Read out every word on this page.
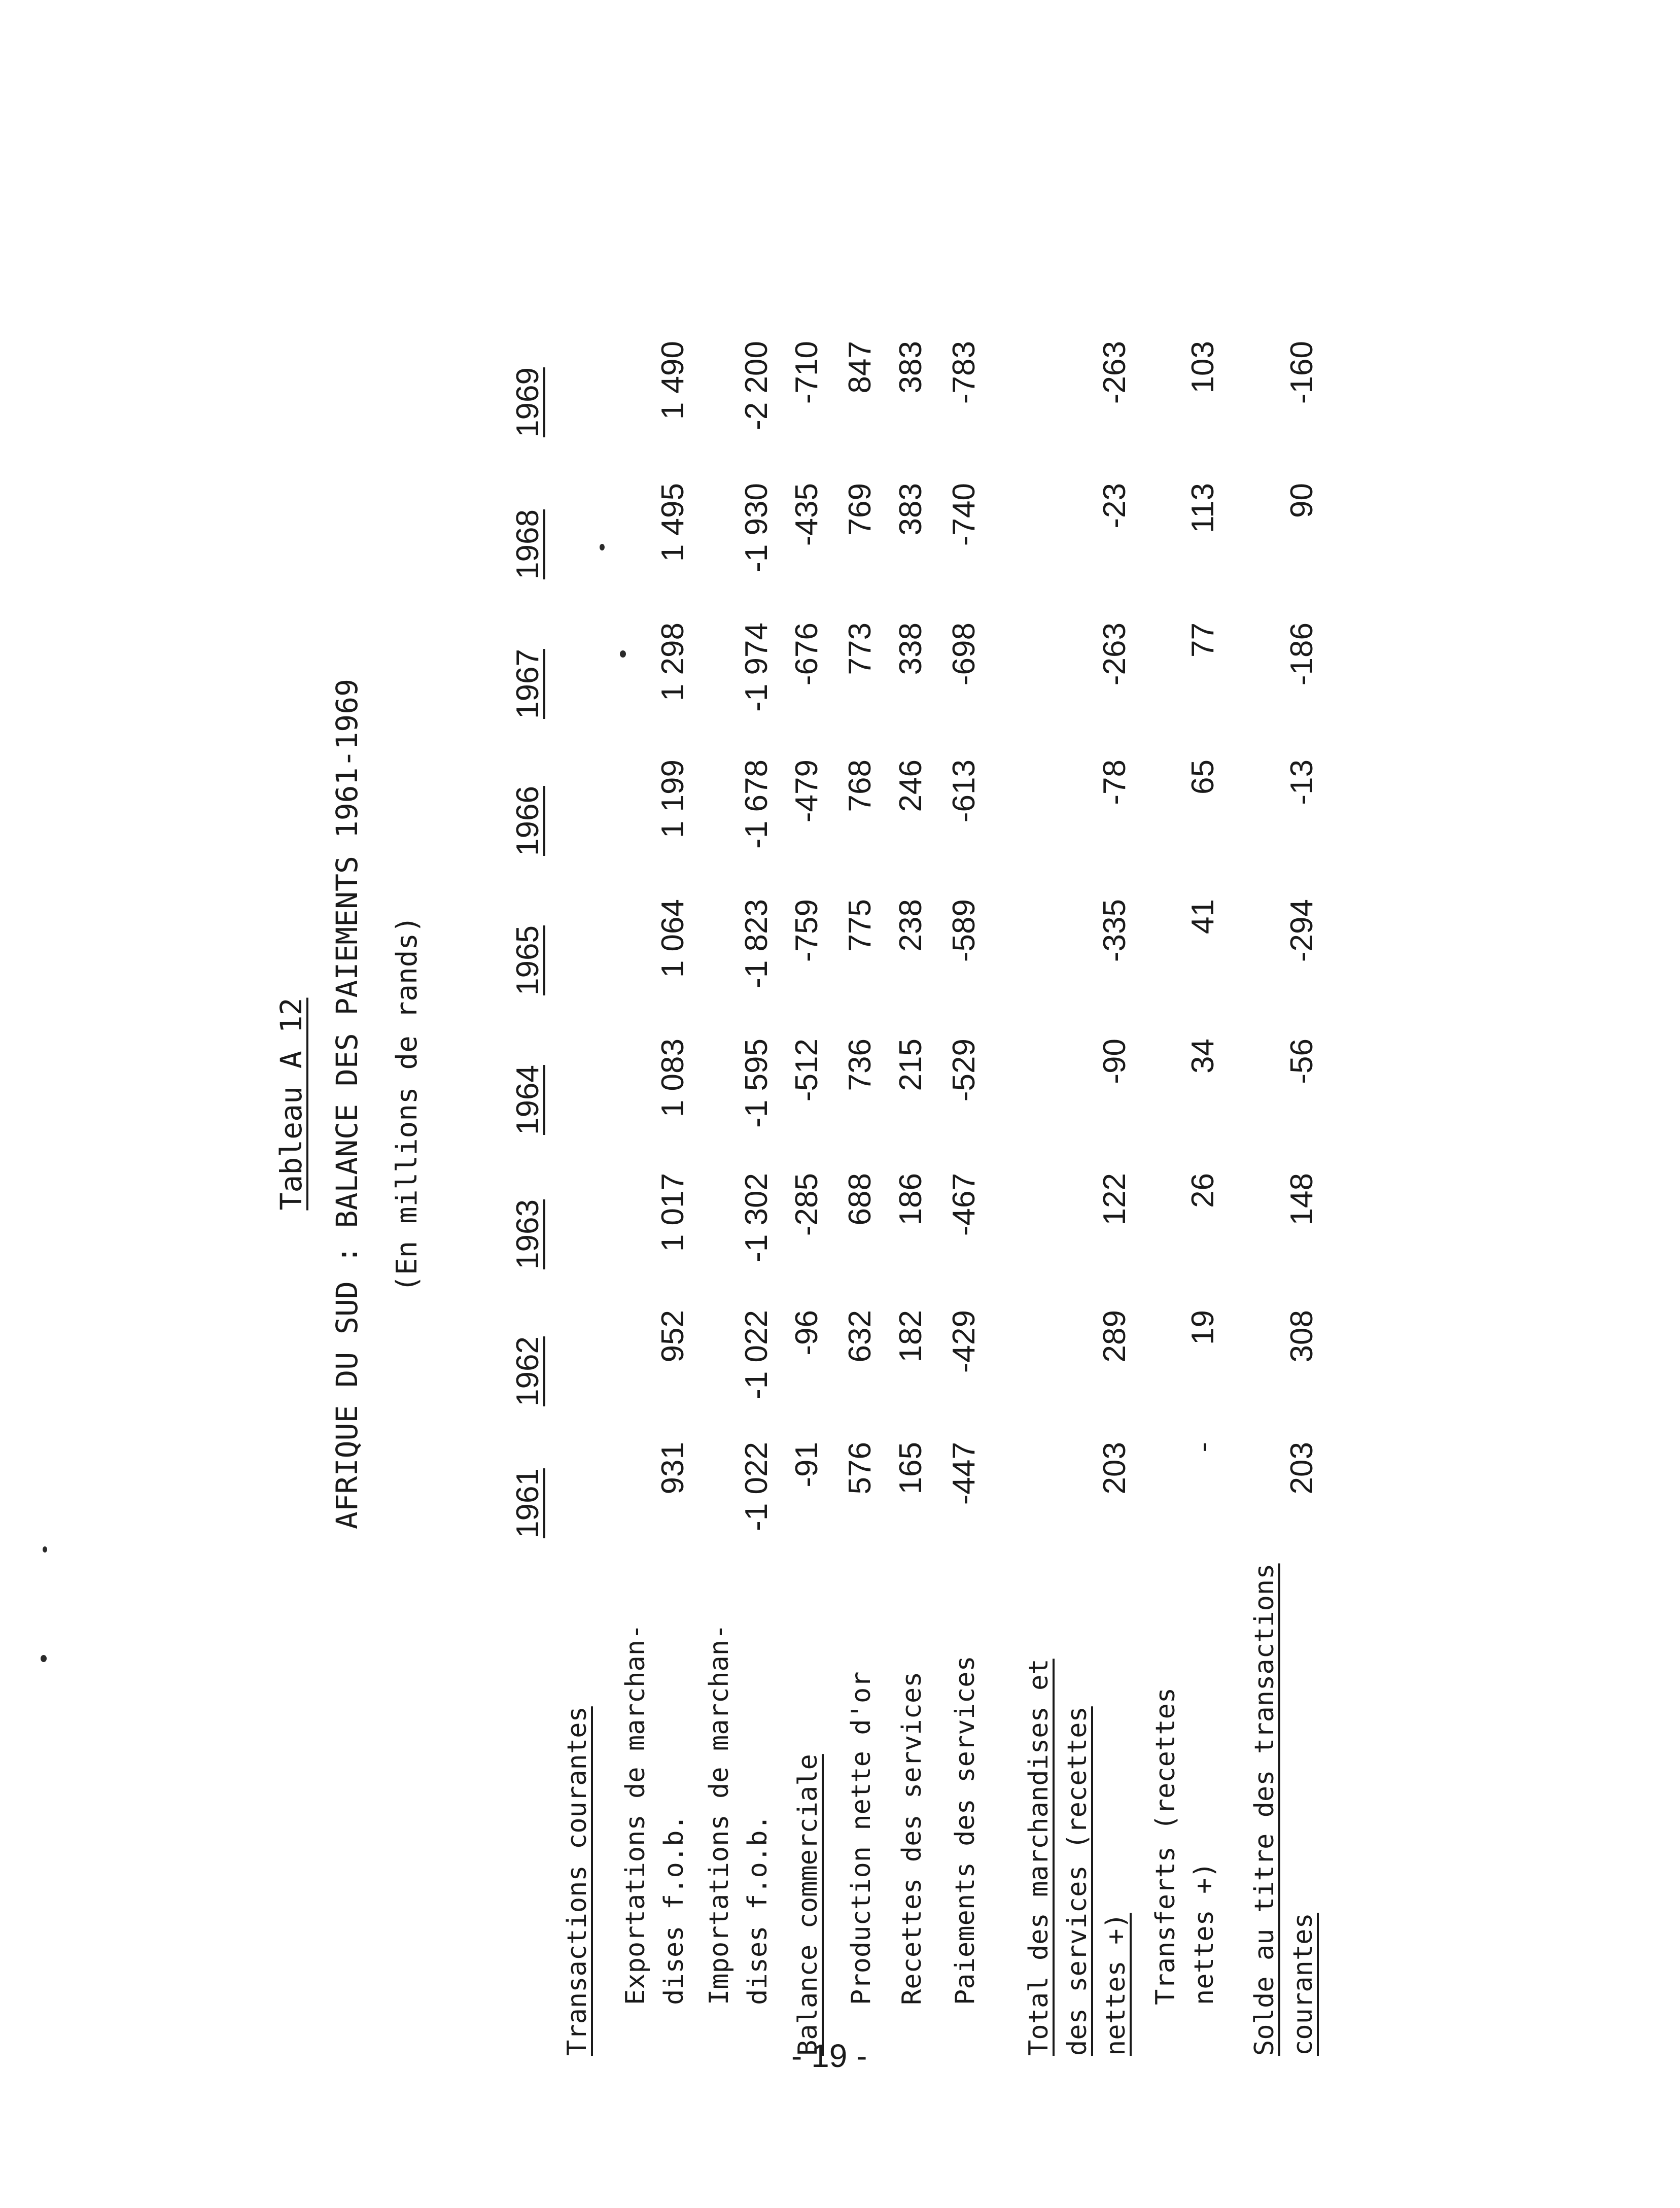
Tableau A 12 AFRIQUE DU SUD : BALANCE DES PAIEMENTS 1961-1969 (En millions de rands)
1961
1962
1963
1964
1965
1966
1967
1968
1969
Transactions courantes Exportations de marchan-
dises f.o.b.
931
952
1 017
1 083
1 064
1 199
1 298
1 495
1 490
Importations de marchan-
dises f.o.b.
-1 022
-1 022
-1 302
-1 595
-1 823
-1 678
-1 974
-1 930
-2 200
Balance commerciale
-91
-96
-285
-512
-759
-479
-676
-435
-710
Production nette d'or
576
632
688
736
775
768
773
769
847
Recettes des services
165
182
186
215
238
246
338
383
383
Paiements des services
-447
-429
-467
-529
-589
-613
-698
-740
-783
Total des marchandises et
des services (recettes
nettes +)
203
289
122
-90
-335
-78
-263
-23
-263
Transferts (recettes
nettes +)
-
19
26
34
41
65
77
113
103
Solde au titre des transactions
courantes
203
308
148
-56
-294
-13
-186
90
-160
- 19 -
